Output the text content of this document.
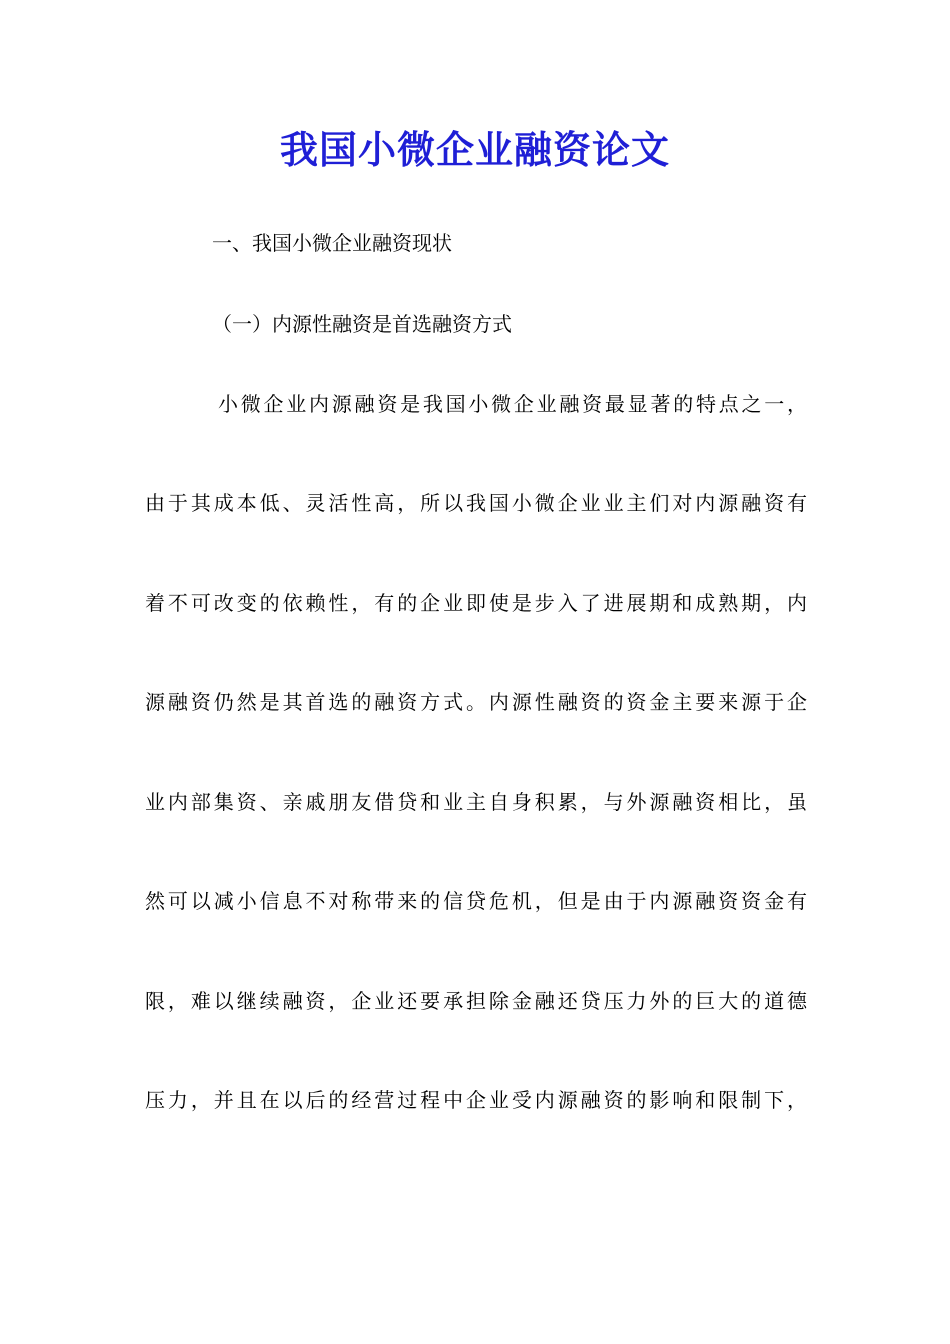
我国小微企业融资论文

一、我国小微企业融资现状

（一）内源性融资是首选融资方式

小微企业内源融资是我国小微企业融资最显著的特点之一，

由于其成本低、灵活性高，所以我国小微企业业主们对内源融资有

着不可改变的依赖性，有的企业即使是步入了进展期和成熟期，内

源融资仍然是其首选的融资方式。内源性融资的资金主要来源于企

业内部集资、亲戚朋友借贷和业主自身积累，与外源融资相比，虽

然可以减小信息不对称带来的信贷危机，但是由于内源融资资金有

限，难以继续融资，企业还要承担除金融还贷压力外的巨大的道德

压力，并且在以后的经营过程中企业受内源融资的影响和限制下，
